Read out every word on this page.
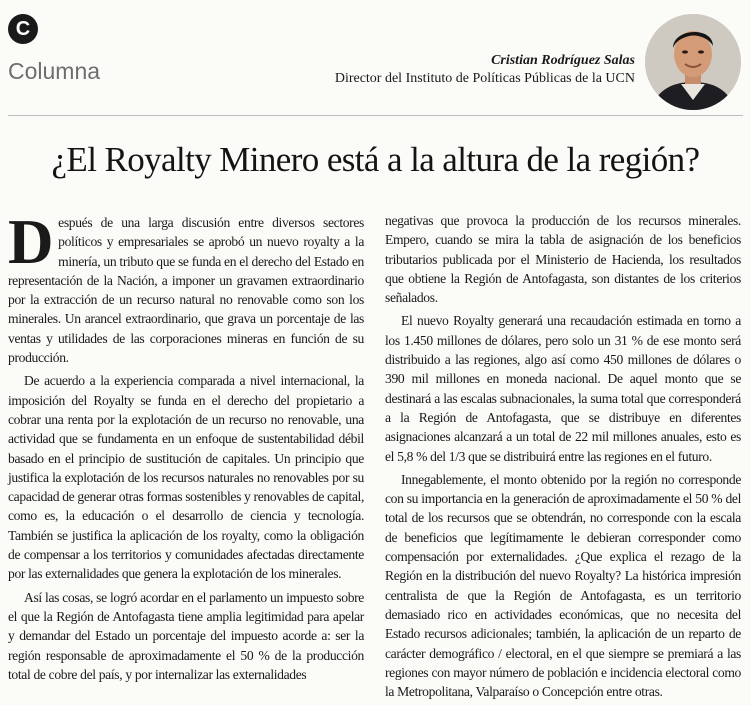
C
Columna	Cristian Rodríguez Salas
Director del Instituto de Políticas Públicas de la UCN
¿El Royalty Minero está a la altura de la región?

Después de una larga discusión entre diversos sectores políticos y empresariales se aprobó un nuevo royalty a la minería, un tributo que se funda en el derecho del Estado en representación de la Nación, a imponer un gravamen extraordinario por la extracción de un recurso natural no renovable como son los minerales. Un arancel extraordinario, que grava un porcentaje de las ventas y utilidades de las corporaciones mineras en función de su producción.

De acuerdo a la experiencia comparada a nivel internacional, la imposición del Royalty se funda en el derecho del propietario a cobrar una renta por la explotación de un recurso no renovable, una actividad que se fundamenta en un enfoque de sustentabilidad débil basado en el principio de sustitución de capitales. Un principio que justifica la explotación de los recursos naturales no renovables por su capacidad de generar otras formas sostenibles y renovables de capital, como es, la educación o el desarrollo de ciencia y tecnología. También se justifica la aplicación de los royalty, como la obligación de compensar a los territorios y comunidades afectadas directamente por las externalidades que genera la explotación de los minerales.

Así las cosas, se logró acordar en el parlamento un impuesto sobre el que la Región de Antofagasta tiene amplia legitimidad para apelar y demandar del Estado un porcentaje del impuesto acorde a: ser la región responsable de aproximadamente el 50 % de la producción total de cobre del país, y por internalizar las externalidades

negativas que provoca la producción de los recursos minerales. Empero, cuando se mira la tabla de asignación de los beneficios tributarios publicada por el Ministerio de Hacienda, los resultados que obtiene la Región de Antofagasta, son distantes de los criterios señalados.

El nuevo Royalty generará una recaudación estimada en torno a los 1.450 millones de dólares, pero solo un 31 % de ese monto será distribuido a las regiones, algo así como 450 millones de dólares o 390 mil millones en moneda nacional. De aquel monto que se destinará a las escalas subnacionales, la suma total que corresponderá a la Región de Antofagasta, que se distribuye en diferentes asignaciones alcanzará a un total de 22 mil millones anuales, esto es el 5,8 % del 1/3 que se distribuirá entre las regiones en el futuro.

Innegablemente, el monto obtenido por la región no corresponde con su importancia en la generación de aproximadamente el 50 % del total de los recursos que se obtendrán, no corresponde con la escala de beneficios que legítimamente le debieran corresponder como compensación por externalidades. ¿Que explica el rezago de la Región en la distribución del nuevo Royalty? La histórica impresión centralista de que la Región de Antofagasta, es un territorio demasiado rico en actividades económicas, que no necesita del Estado recursos adicionales; también, la aplicación de un reparto de carácter demográfico / electoral, en el que siempre se premiará a las regiones con mayor número de población e incidencia electoral como la Metropolitana, Valparaíso o Concepción entre otras.
